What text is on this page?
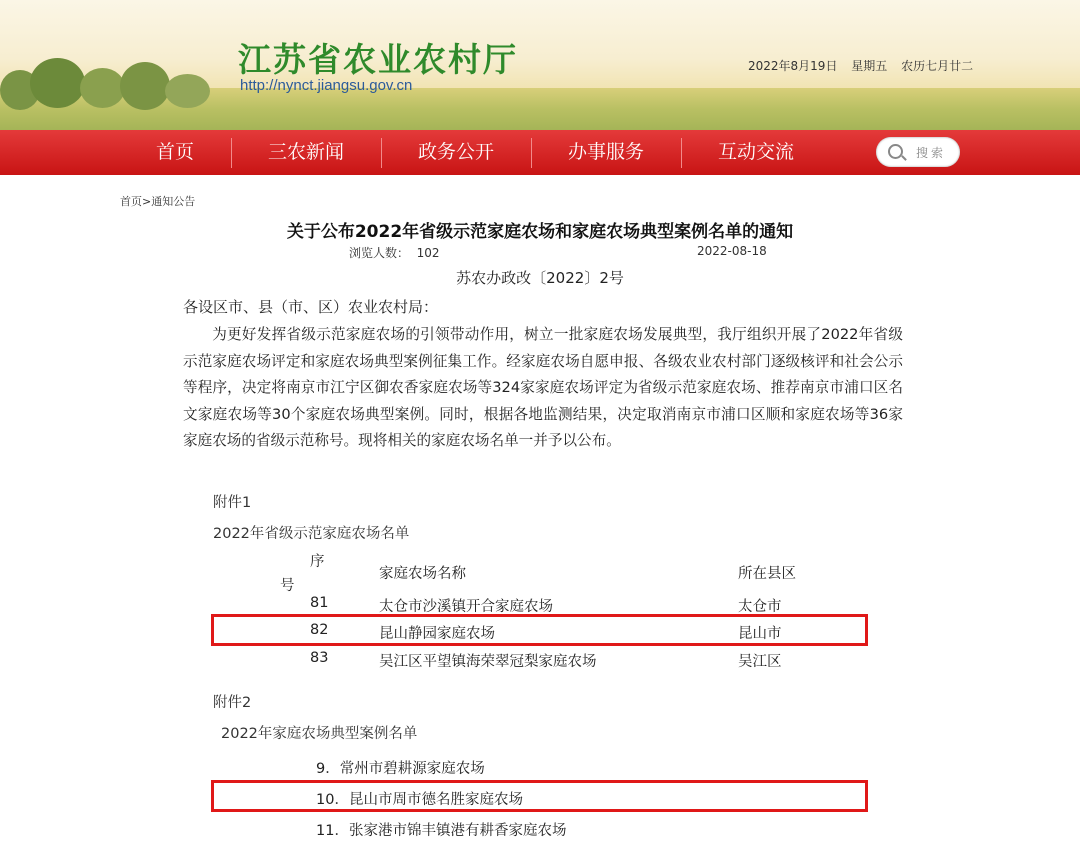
江苏省农业农村厅
http://nynct.jiangsu.gov.cn
2022年8月19日 星期五 农历七月廿二
首页	三农新闻	政务公开	办事服务	互动交流	搜索
首页>通知公告
关于公布2022年省级示范家庭农场和家庭农场典型案例名单的通知
浏览人数： 102	2022-08-18
苏农办政改〔2022〕2号
各设区市、县（市、区）农业农村局：
为更好发挥省级示范家庭农场的引领带动作用，树立一批家庭农场发展典型，我厅组织开展了2022年省级示范家庭农场评定和家庭农场典型案例征集工作。经家庭农场自愿申报、各级农业农村部门逐级核评和社会公示等程序，决定将南京市江宁区御农香家庭农场等324家家庭农场评定为省级示范家庭农场、推荐南京市浦口区名文家庭农场等30个家庭农场典型案例。同时，根据各地监测结果，决定取消南京市浦口区顺和家庭农场等36家家庭农场的省级示范称号。现将相关的家庭农场名单一并予以公布。
附件1
2022年省级示范家庭农场名单
序
号
家庭农场名称	所在县区
81	太仓市沙溪镇开合家庭农场	太仓市
82	昆山静园家庭农场	昆山市
83	吴江区平望镇海荣翠冠梨家庭农场	吴江区
附件2
2022年家庭农场典型案例名单
9．常州市碧耕源家庭农场
10．昆山市周市德名胜家庭农场
11．张家港市锦丰镇港有耕香家庭农场
